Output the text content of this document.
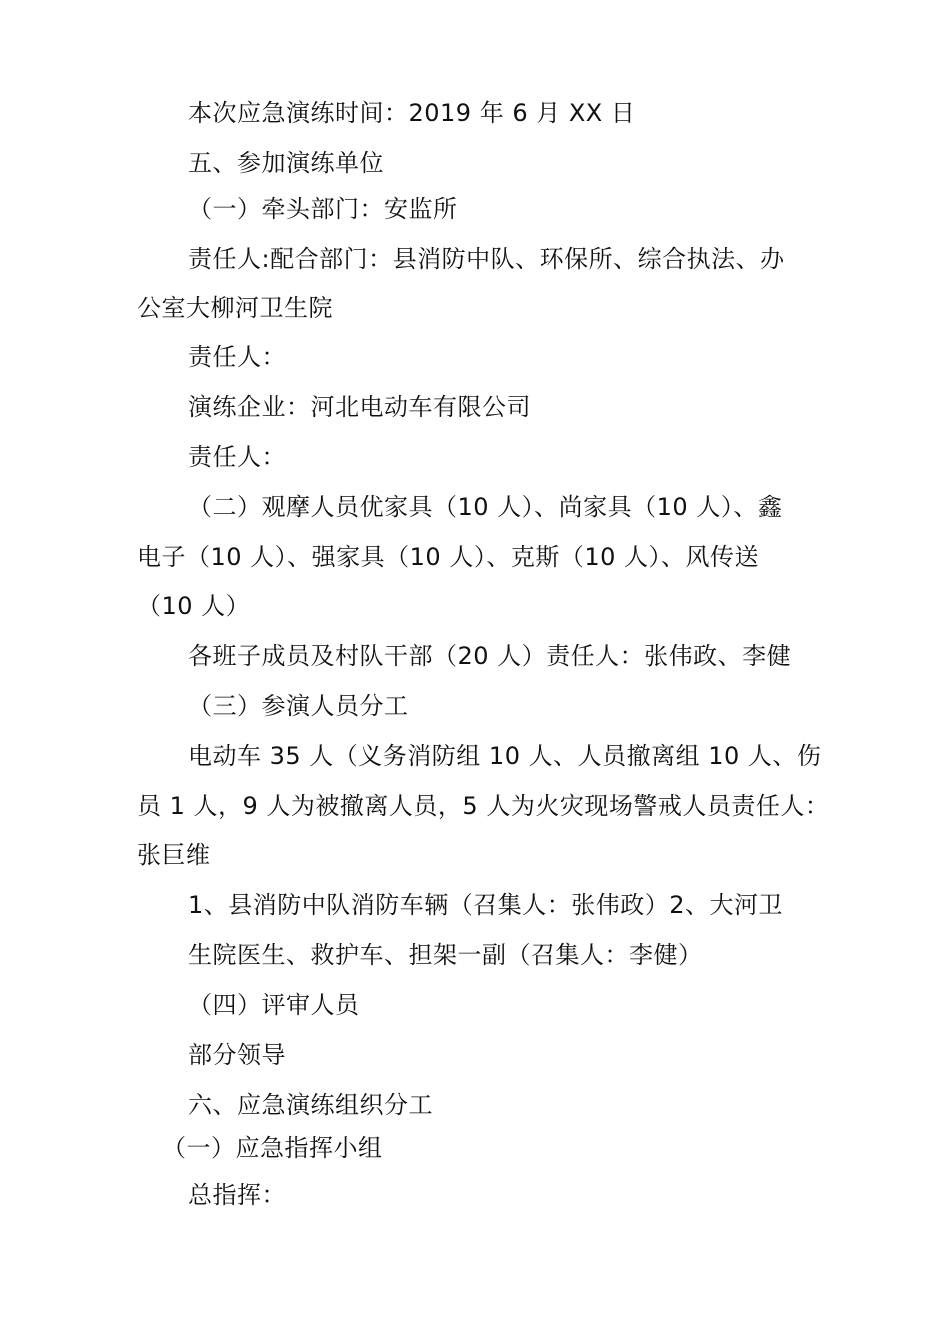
本次应急演练时间：2019 年 6 月 XX 日
五、参加演练单位
（一）牵头部门：安监所
责任人:配合部门：县消防中队、环保所、综合执法、办
公室大柳河卫生院
责任人：
演练企业：河北电动车有限公司
责任人：
（二）观摩人员优家具（10 人）、尚家具（10 人）、鑫
电子（10 人）、强家具（10 人）、克斯（10 人）、风传送
（10 人）
各班子成员及村队干部（20 人）责任人：张伟政、李健
（三）参演人员分工
电动车 35 人（义务消防组 10 人、人员撤离组 10 人、伤
员 1 人，9 人为被撤离人员，5 人为火灾现场警戒人员责任人：
张巨维
1、县消防中队消防车辆（召集人：张伟政）2、大河卫
生院医生、救护车、担架一副（召集人：李健）
（四）评审人员
部分领导
六、应急演练组织分工
（一）应急指挥小组
总指挥：
